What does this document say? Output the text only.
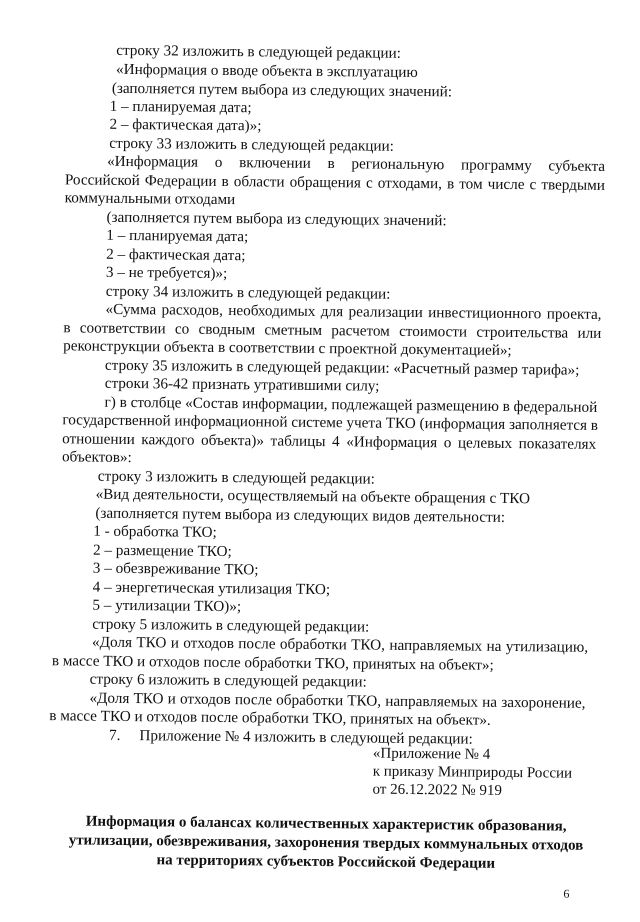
строку 32 изложить в следующей редакции:
«Информация о вводе объекта в эксплуатацию
(заполняется путем выбора из следующих значений:
1 – планируемая дата;
2 – фактическая дата)»;
строку 33 изложить в следующей редакции:
«Информация о включении в региональную программу субъекта
Российской Федерации в области обращения с отходами, в том числе с твердыми
коммунальными отходами
(заполняется путем выбора из следующих значений:
1 – планируемая дата;
2 – фактическая дата;
3 – не требуется)»;
строку 34 изложить в следующей редакции:
«Сумма расходов, необходимых для реализации инвестиционного проекта,
в соответствии со сводным сметным расчетом стоимости строительства или
реконструкции объекта в соответствии с проектной документацией»;
строку 35 изложить в следующей редакции: «Расчетный размер тарифа»;
строки 36-42 признать утратившими силу;
г) в столбце «Состав информации, подлежащей размещению в федеральной
государственной информационной системе учета ТКО (информация заполняется в
отношении каждого объекта)» таблицы 4 «Информация о целевых показателях
объектов»:
строку 3 изложить в следующей редакции:
«Вид деятельности, осуществляемый на объекте обращения с ТКО
(заполняется путем выбора из следующих видов деятельности:
1 - обработка ТКО;
2 – размещение ТКО;
3 – обезвреживание ТКО;
4 – энергетическая утилизация ТКО;
5 – утилизации ТКО)»;
строку 5 изложить в следующей редакции:
«Доля ТКО и отходов после обработки ТКО, направляемых на утилизацию,
в массе ТКО и отходов после обработки ТКО, принятых на объект»;
строку 6 изложить в следующей редакции:
«Доля ТКО и отходов после обработки ТКО, направляемых на захоронение,
в массе ТКО и отходов после обработки ТКО, принятых на объект».
7.     Приложение № 4 изложить в следующей редакции:
«Приложение № 4
к приказу Минприроды России
от 26.12.2022 № 919
Информация о балансах количественных характеристик образования,
утилизации, обезвреживания, захоронения твердых коммунальных отходов
на территориях субъектов Российской Федерации
6
